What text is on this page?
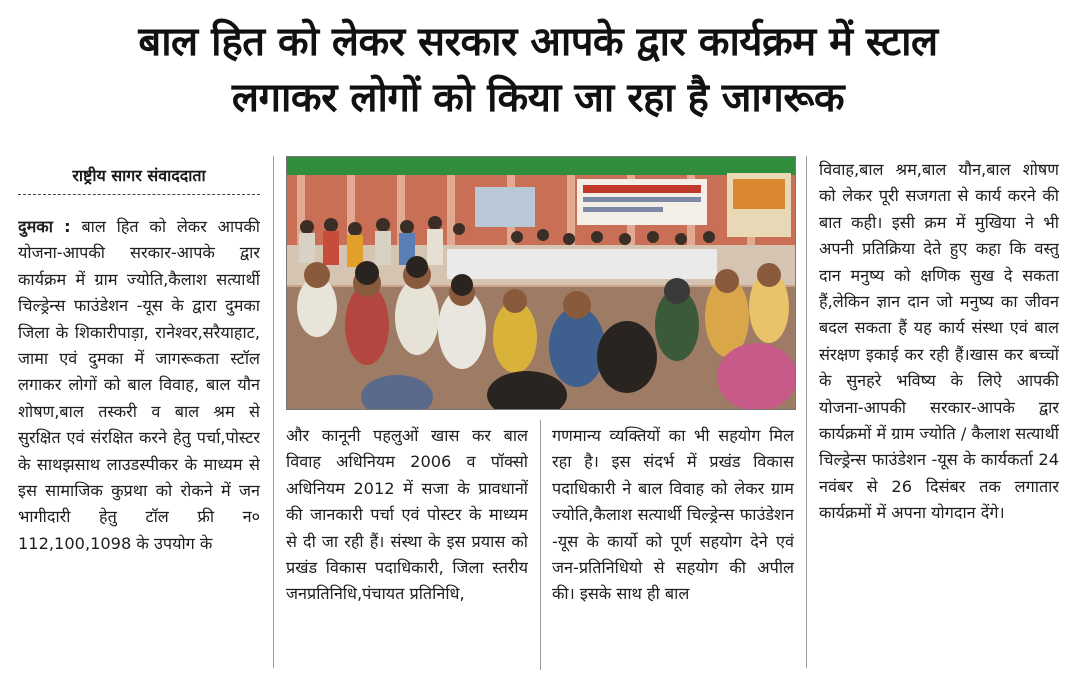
बाल हित को लेकर सरकार आपके द्वार कार्यक्रम में स्टाल
लगाकर लोगों को किया जा रहा है जागरूक
राष्ट्रीय सागर संवाददाता
दुमका : बाल हित को लेकर आपकी योजना-आपकी सरकार-आपके द्वार कार्यक्रम में ग्राम ज्योति,कैलाश सत्यार्थी चिल्ड्रेन्स फाउंडेशन -यूस के द्वारा दुमका जिला के शिकारीपाड़ा, रानेश्वर,सरैयाहाट, जामा एवं दुमका में जागरूकता स्टॉल लगाकर लोगों को बाल विवाह, बाल यौन शोषण,बाल तस्करी व बाल श्रम से सुरक्षित एवं संरक्षित करने हेतु पर्चा,पोस्टर के साथझसाथ लाउडस्पीकर के माध्यम से इस सामाजिक कुप्रथा को रोकने में जन भागीदारी हेतु टॉल फ्री न० 112,100,1098 के उपयोग के
और कानूनी पहलुओं खास कर बाल विवाह अधिनियम 2006 व पॉक्सो अधिनियम 2012 में सजा के प्रावधानों की जानकारी पर्चा एवं पोस्टर के माध्यम से दी जा रही हैं। संस्था के इस प्रयास को प्रखंड विकास पदाधिकारी, जिला स्तरीय जनप्रतिनिधि,पंचायत प्रतिनिधि,
गणमान्य व्यक्तियों का भी सहयोग मिल रहा है। इस संदर्भ में प्रखंड विकास पदाधिकारी ने बाल विवाह को लेकर ग्राम ज्योति,कैलाश सत्यार्थी चिल्ड्रेन्स फाउंडेशन -यूस के कार्यो को पूर्ण सहयोग देने एवं जन-प्रतिनिधियो से सहयोग की अपील की। इसके साथ ही बाल
विवाह,बाल श्रम,बाल यौन,बाल शोषण को लेकर पूरी सजगता से कार्य करने की बात कही। इसी क्रम में मुखिया ने भी अपनी प्रतिक्रिया देते हुए कहा कि वस्तु दान मनुष्य को क्षणिक सुख दे सकता हैं,लेकिन ज्ञान दान जो मनुष्य का जीवन बदल सकता हैं यह कार्य संस्था एवं बाल संरक्षण इकाई कर रही हैं।खास कर बच्चों के सुनहरे भविष्य के लिऐ आपकी योजना-आपकी सरकार-आपके द्वार कार्यक्रमों में ग्राम ज्योति / कैलाश सत्यार्थी चिल्ड्रेन्स फाउंडेशन -यूस के कार्यकर्ता 24 नवंबर से 26 दिसंबर तक लगातार कार्यक्रमों में अपना योगदान देंगे।
